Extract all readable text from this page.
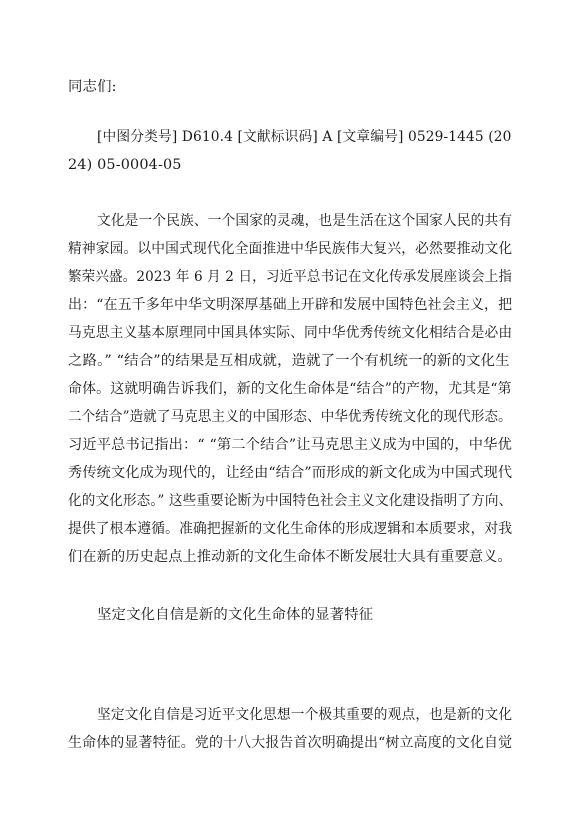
同志们:
[中图分类号] D610.4 [文献标识码] A [文章编号] 0529-1445 (20
24) 05-0004-05
文化是一个民族、一个国家的灵魂，也是生活在这个国家人民的共有
精神家园。以中国式现代化全面推进中华民族伟大复兴，必然要推动文化
繁荣兴盛。2023 年 6 月 2 日，习近平总书记在文化传承发展座谈会上指
出：“在五千多年中华文明深厚基础上开辟和发展中国特色社会主义，把
马克思主义基本原理同中国具体实际、同中华优秀传统文化相结合是必由
之路。” “结合”的结果是互相成就，造就了一个有机统一的新的文化生
命体。这就明确告诉我们，新的文化生命体是“结合”的产物，尤其是“第
二个结合”造就了马克思主义的中国形态、中华优秀传统文化的现代形态。
习近平总书记指出：“ “第二个结合”让马克思主义成为中国的，中华优
秀传统文化成为现代的，让经由“结合”而形成的新文化成为中国式现代
化的文化形态。” 这些重要论断为中国特色社会主义文化建设指明了方向、
提供了根本遵循。准确把握新的文化生命体的形成逻辑和本质要求，对我
们在新的历史起点上推动新的文化生命体不断发展壮大具有重要意义。
坚定文化自信是新的文化生命体的显著特征
坚定文化自信是习近平文化思想一个极其重要的观点，也是新的文化
生命体的显著特征。党的十八大报告首次明确提出“树立高度的文化自觉
